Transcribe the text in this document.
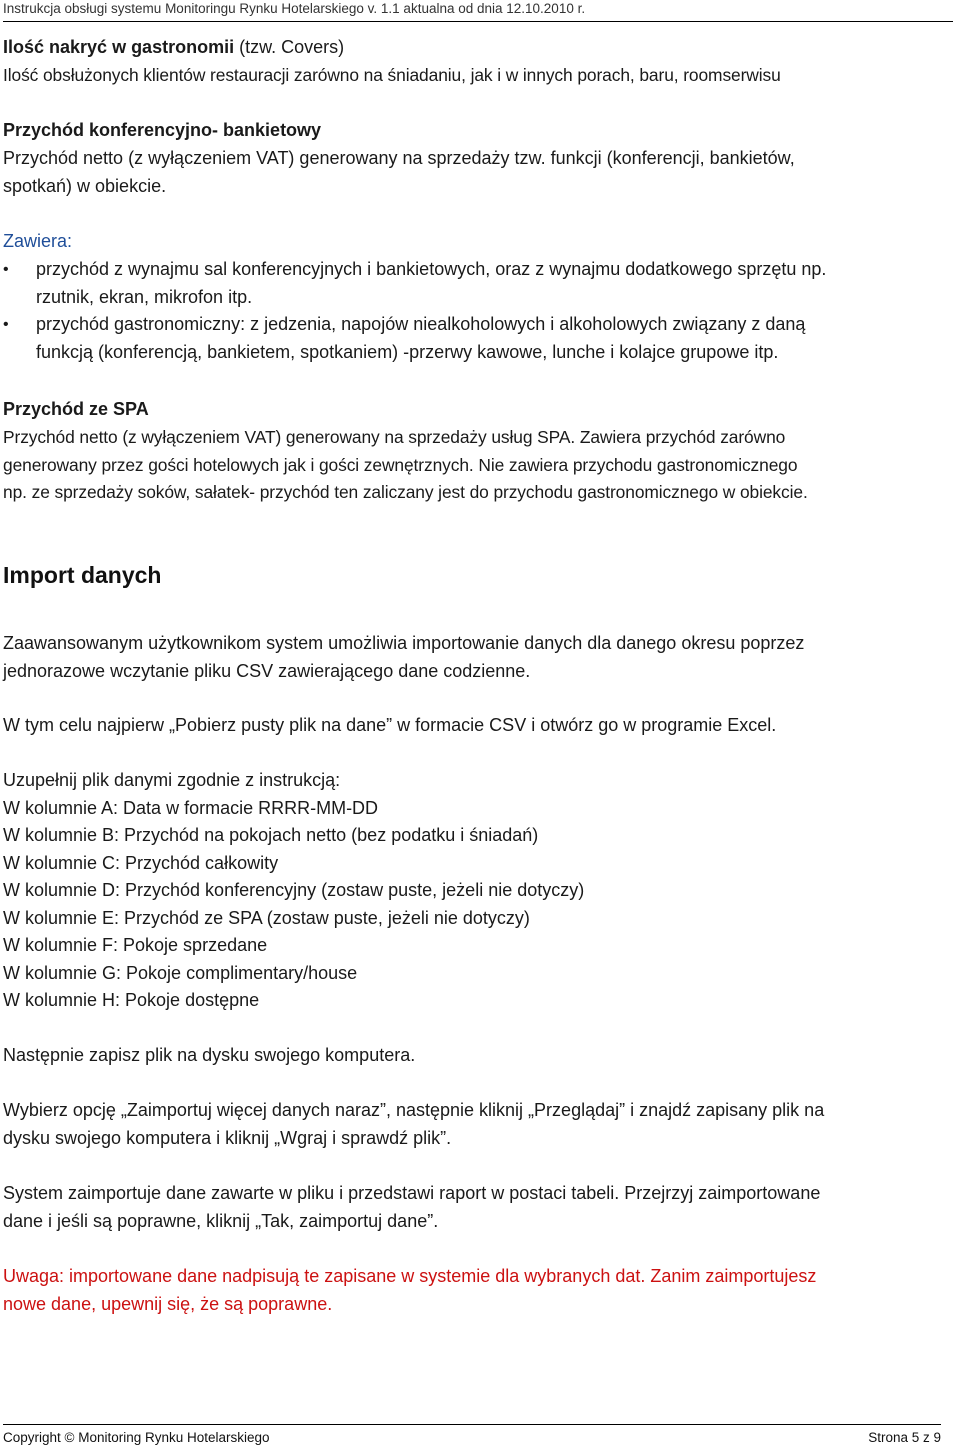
Instrukcja obsługi systemu Monitoringu Rynku Hotelarskiego v. 1.1 aktualna od dnia 12.10.2010 r.
Ilość nakryć w gastronomii (tzw. Covers)
Ilość obsłużonych klientów restauracji zarówno na śniadaniu, jak i w innych porach, baru, roomserwisu
Przychód konferencyjno- bankietowy
Przychód netto (z wyłączeniem VAT) generowany na sprzedaży tzw. funkcji (konferencji, bankietów,
spotkań) w obiekcie.
Zawiera:
• przychód z wynajmu sal konferencyjnych i bankietowych, oraz z wynajmu dodatkowego sprzętu np.
rzutnik, ekran, mikrofon itp.
• przychód gastronomiczny: z jedzenia, napojów niealkoholowych i alkoholowych związany z daną
funkcją (konferencją, bankietem, spotkaniem) -przerwy kawowe, lunche i kolajce grupowe itp.
Przychód ze SPA
Przychód netto (z wyłączeniem VAT) generowany na sprzedaży usług SPA. Zawiera przychód zarówno
generowany przez gości hotelowych jak i gości zewnętrznych. Nie zawiera przychodu gastronomicznego
np. ze sprzedaży soków, sałatek- przychód ten zaliczany jest do przychodu gastronomicznego w obiekcie.
Import danych
Zaawansowanym użytkownikom system umożliwia importowanie danych dla danego okresu poprzez
jednorazowe wczytanie pliku CSV zawierającego dane codzienne.
W tym celu najpierw „Pobierz pusty plik na dane” w formacie CSV i otwórz go w programie Excel.
Uzupełnij plik danymi zgodnie z instrukcją:
W kolumnie A: Data w formacie RRRR-MM-DD
W kolumnie B: Przychód na pokojach netto (bez podatku i śniadań)
W kolumnie C: Przychód całkowity
W kolumnie D: Przychód konferencyjny (zostaw puste, jeżeli nie dotyczy)
W kolumnie E: Przychód ze SPA (zostaw puste, jeżeli nie dotyczy)
W kolumnie F: Pokoje sprzedane
W kolumnie G: Pokoje complimentary/house
W kolumnie H: Pokoje dostępne
Następnie zapisz plik na dysku swojego komputera.
Wybierz opcję „Zaimportuj więcej danych naraz”, następnie kliknij „Przeglądaj” i znajdź zapisany plik na
dysku swojego komputera i kliknij „Wgraj i sprawdź plik”.
System zaimportuje dane zawarte w pliku i przedstawi raport w postaci tabeli. Przejrzyj zaimportowane
dane i jeśli są poprawne, kliknij „Tak, zaimportuj dane”.
Uwaga: importowane dane nadpisują te zapisane w systemie dla wybranych dat. Zanim zaimportujesz
nowe dane, upewnij się, że są poprawne.
Copyright © Monitoring Rynku Hotelarskiego	Strona 5 z 9
